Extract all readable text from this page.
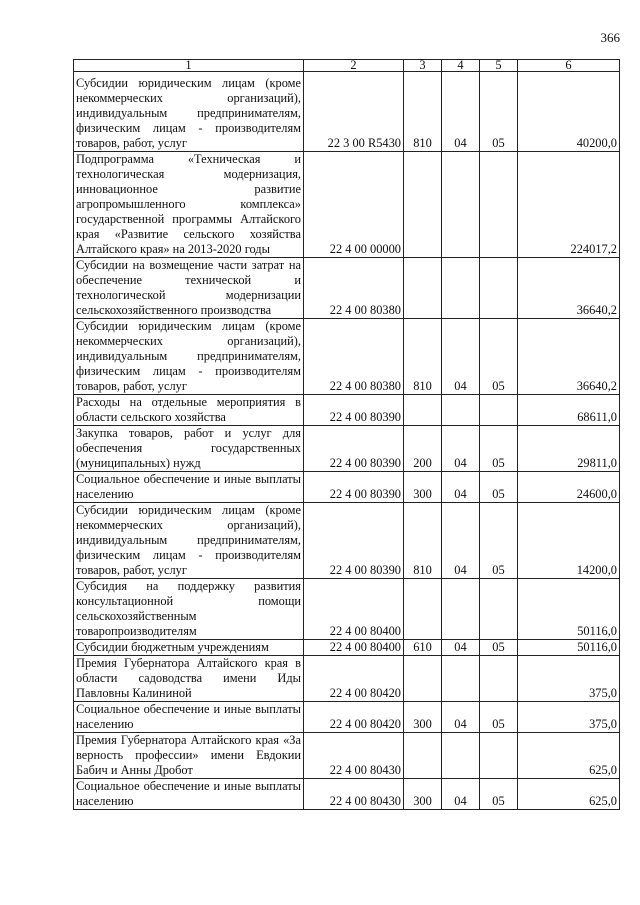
366
1	2	3	4	5	6
Субсидии юридическим лицам (кроме некоммерческих организаций), индивидуальным предпринимателям, физическим лицам - производителям товаров, работ, услуг	22 3 00 R5430	810	04	05	40200,0
Подпрограмма «Техническая и технологическая модернизация, инновационное развитие агропромышленного комплекса» государственной программы Алтайского края «Развитие сельского хозяйства Алтайского края» на 2013-2020 годы	22 4 00 00000				224017,2
Субсидии на возмещение части затрат на обеспечение технической и технологической модернизации сельскохозяйственного производства	22 4 00 80380				36640,2
Субсидии юридическим лицам (кроме некоммерческих организаций), индивидуальным предпринимателям, физическим лицам - производителям товаров, работ, услуг	22 4 00 80380	810	04	05	36640,2
Расходы на отдельные мероприятия в области сельского хозяйства	22 4 00 80390				68611,0
Закупка товаров, работ и услуг для обеспечения государственных (муниципальных) нужд	22 4 00 80390	200	04	05	29811,0
Социальное обеспечение и иные выплаты населению	22 4 00 80390	300	04	05	24600,0
Субсидии юридическим лицам (кроме некоммерческих организаций), индивидуальным предпринимателям, физическим лицам - производителям товаров, работ, услуг	22 4 00 80390	810	04	05	14200,0
Субсидия на поддержку развития консультационной помощи сельскохозяйственным товаропроизводителям	22 4 00 80400				50116,0
Субсидии бюджетным учреждениям	22 4 00 80400	610	04	05	50116,0
Премия Губернатора Алтайского края в области садоводства имени Иды Павловны Калининой	22 4 00 80420				375,0
Социальное обеспечение и иные выплаты населению	22 4 00 80420	300	04	05	375,0
Премия Губернатора Алтайского края «За верность профессии» имени Евдокии Бабич и Анны Дробот	22 4 00 80430				625,0
Социальное обеспечение и иные выплаты населению	22 4 00 80430	300	04	05	625,0
